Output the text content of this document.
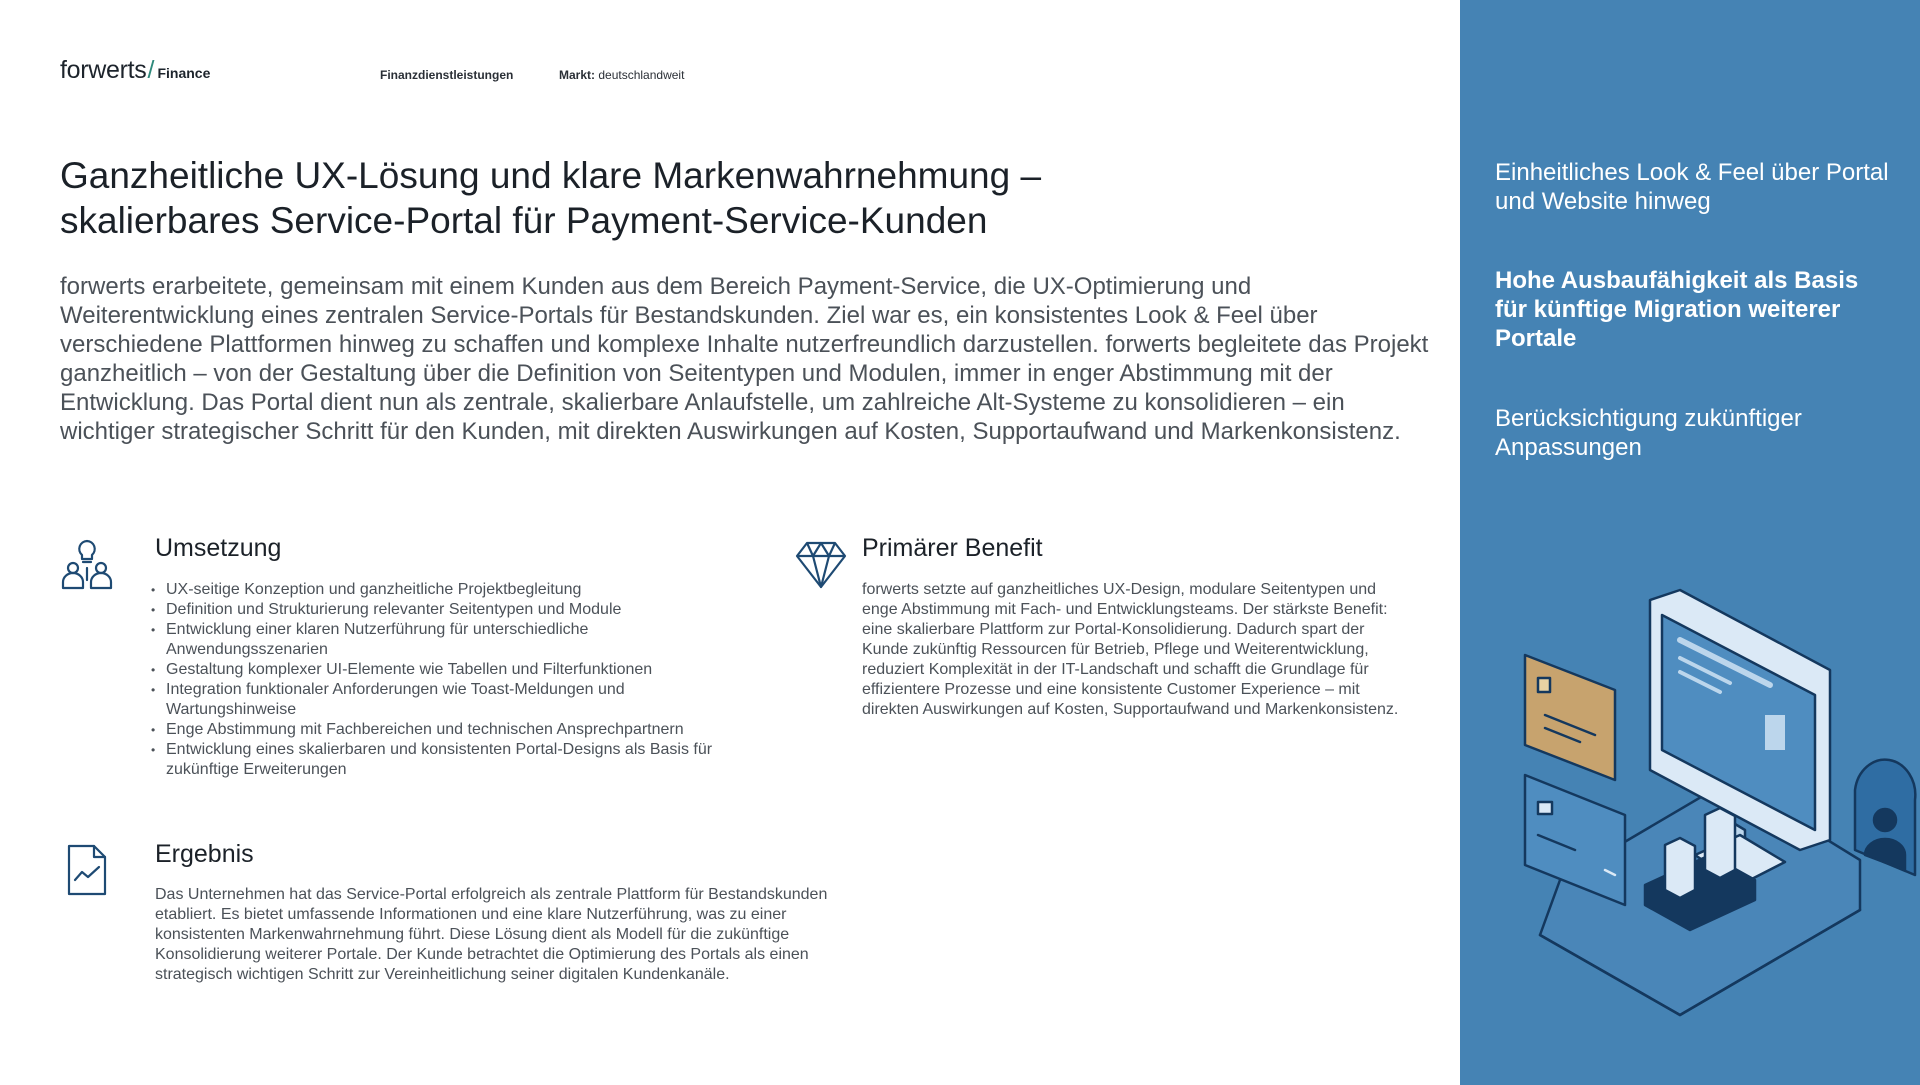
forwerts / Finance	Finanzdienstleistungen	Markt: deutschlandweit
Ganzheitliche UX-Lösung und klare Markenwahrnehmung –
skalierbares Service-Portal für Payment-Service-Kunden

forwerts erarbeitete, gemeinsam mit einem Kunden aus dem Bereich Payment-Service, die UX-Optimierung und Weiterentwicklung eines zentralen Service-Portals für Bestandskunden. Ziel war es, ein konsistentes Look & Feel über verschiedene Plattformen hinweg zu schaffen und komplexe Inhalte nutzerfreundlich darzustellen. forwerts begleitete das Projekt ganzheitlich – von der Gestaltung über die Definition von Seitentypen und Modulen, immer in enger Abstimmung mit der Entwicklung. Das Portal dient nun als zentrale, skalierbare Anlaufstelle, um zahlreiche Alt-Systeme zu konsolidieren – ein wichtiger strategischer Schritt für den Kunden, mit direkten Auswirkungen auf Kosten, Supportaufwand und Markenkonsistenz.

Umsetzung
• UX-seitige Konzeption und ganzheitliche Projektbegleitung
• Definition und Strukturierung relevanter Seitentypen und Module
• Entwicklung einer klaren Nutzerführung für unterschiedliche Anwendungsszenarien
• Gestaltung komplexer UI-Elemente wie Tabellen und Filterfunktionen
• Integration funktionaler Anforderungen wie Toast-Meldungen und Wartungshinweise
• Enge Abstimmung mit Fachbereichen und technischen Ansprechpartnern
• Entwicklung eines skalierbaren und konsistenten Portal-Designs als Basis für zukünftige Erweiterungen
Primärer Benefit

forwerts setzte auf ganzheitliches UX-Design, modulare Seitentypen und enge Abstimmung mit Fach- und Entwicklungsteams. Der stärkste Benefit: eine skalierbare Plattform zur Portal-Konsolidierung. Dadurch spart der Kunde zukünftig Ressourcen für Betrieb, Pflege und Weiterentwicklung, reduziert Komplexität in der IT-Landschaft und schafft die Grundlage für effizientere Prozesse und eine konsistente Customer Experience – mit direkten Auswirkungen auf Kosten, Supportaufwand und Markenkonsistenz.

Ergebnis

Das Unternehmen hat das Service-Portal erfolgreich als zentrale Plattform für Bestandskunden etabliert. Es bietet umfassende Informationen und eine klare Nutzerführung, was zu einer konsistenten Markenwahrnehmung führt. Diese Lösung dient als Modell für die zukünftige Konsolidierung weiterer Portale. Der Kunde betrachtet die Optimierung des Portals als einen strategisch wichtigen Schritt zur Vereinheitlichung seiner digitalen Kundenkanäle.

Einheitliches Look & Feel über Portal und Website hinweg

Hohe Ausbaufähigkeit als Basis für künftige Migration weiterer Portale

Berücksichtigung zukünftiger Anpassungen
